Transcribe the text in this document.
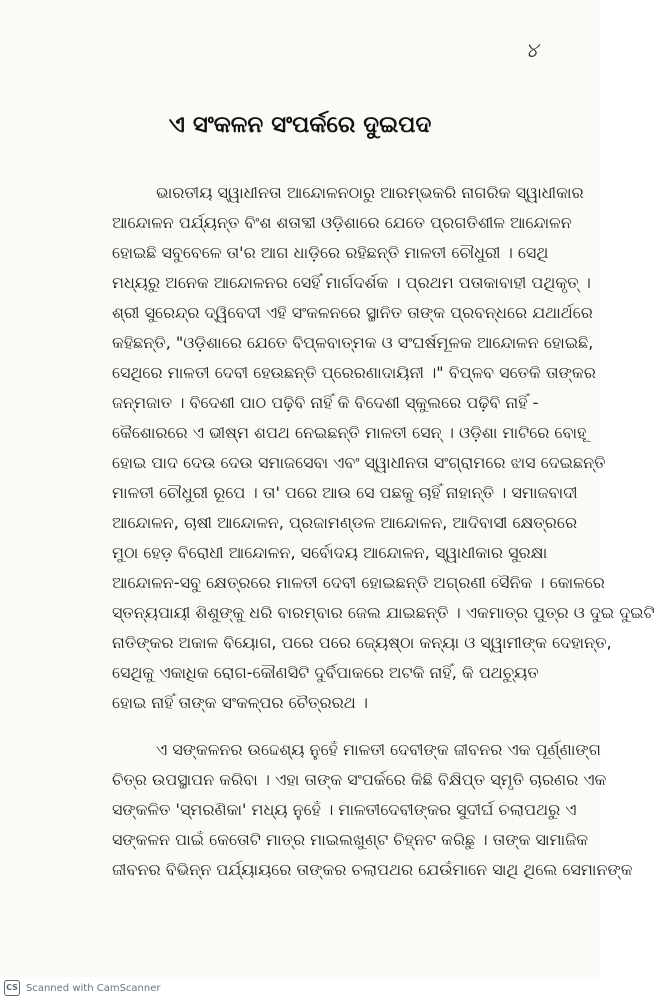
୪
ଏ ସଂକଳନ ସଂପର୍କରେ ଦୁଇପଦ
ଭାରତୀୟ ସ୍ୱାଧୀନତା ଆନ୍ଦୋଳନଠାରୁ ଆରମ୍ଭକରି ନାଗରିକ ସ୍ୱାଧୀକାର
ଆନ୍ଦୋଳନ ପର୍ଯ୍ୟନ୍ତ ବିଂଶ ଶତାବ୍ଦୀ ଓଡ଼ିଶାରେ ଯେତେ ପ୍ରଗତିଶୀଳ ଆନ୍ଦୋଳନ
ହୋଇଛି ସବୁବେଳେ ତା'ର ଆଗ ଧାଡ଼ିରେ ରହିଛନ୍ତି ମାଳତୀ ଚୌଧୁରୀ । ସେଥି
ମଧ୍ୟରୁ ଅନେକ ଆନ୍ଦୋଳନର ସେହିଁ ମାର୍ଗଦର୍ଶକ । ପ୍ରଥମ ପତାକାବାହୀ ପଥିକୃତ୍ ।
ଶ୍ରୀ ସୁରେନ୍ଦ୍ର ଦ୍ୱିବେଦୀ ଏହି ସଂକଳନରେ ସ୍ଥାନିତ ତାଙ୍କ ପ୍ରବନ୍ଧରେ ଯଥାର୍ଥରେ
କହିଛନ୍ତି, "ଓଡ଼ିଶାରେ ଯେତେ ବିପ୍ଳବାତ୍ମକ ଓ ସଂଘର୍ଷମୂଳକ ଆନ୍ଦୋଳନ ହୋଇଛି,
ସେଥିରେ ମାଳତୀ ଦେବୀ ହେଉଛନ୍ତି ପ୍ରେରଣାଦାୟିନୀ ।" ବିପ୍ଳବ ସତେକି ତାଙ୍କର
ଜନ୍ମଜାତ । ବିଦେଶୀ ପାଠ ପଢ଼ିବି ନାହିଁ କି ବିଦେଶୀ ସ୍କୁଲରେ ପଢ଼ିବି ନାହିଁ -
କୈଶୋରରେ ଏ ଭୀଷ୍ମ ଶପଥ ନେଇଛନ୍ତି ମାଳତୀ ସେନ୍ । ଓଡ଼ିଶା ମାଟିରେ ବୋହୂ
ହୋଇ ପାଦ ଦେଉ ଦେଉ ସମାଜସେବା ଏବଂ ସ୍ୱାଧୀନତା ସଂଗ୍ରାମରେ ଝାସ ଦେଇଛନ୍ତି
ମାଳତୀ ଚୌଧୁରୀ ରୂପେ । ତା' ପରେ ଆଉ ସେ ପଛକୁ ଚାହିଁ ନାହାନ୍ତି । ସମାଜବାଦୀ
ଆନ୍ଦୋଳନ, ଚାଷୀ ଆନ୍ଦୋଳନ, ପ୍ରଜାମଣ୍ଡଳ ଆନ୍ଦୋଳନ, ଆଦିବାସୀ କ୍ଷେତ୍ରରେ
ମୁଠା ହେଡ଼ ବିରୋଧୀ ଆନ୍ଦୋଳନ, ସର୍ବୋଦୟ ଆନ୍ଦୋଳନ, ସ୍ୱାଧୀକାର ସୁରକ୍ଷା
ଆନ୍ଦୋଳନ-ସବୁ କ୍ଷେତ୍ରରେ ମାଳତୀ ଦେବୀ ହୋଇଛନ୍ତି ଅଗ୍ରଣୀ ସୈନିକ । କୋଳରେ
ସ୍ତନ୍ୟପାୟୀ ଶିଶୁଙ୍କୁ ଧରି ବାରମ୍ବାର ଜେଲ ଯାଇଛନ୍ତି । ଏକମାତ୍ର ପୁତ୍ର ଓ ଦୁଇ ଦୁଇଟି
ନାତିଙ୍କର ଅକାଳ ବିୟୋଗ, ପରେ ପରେ ଜ୍ୟେଷ୍ଠା କନ୍ୟା ଓ ସ୍ୱାମୀଙ୍କ ଦେହାନ୍ତ,
ସେଥିକୁ ଏକାଧିକ ରୋଗ-କୌଣସିଟି ଦୁର୍ବିପାକରେ ଅଟକି ନାହିଁ, କି ପଥଚ୍ୟୁତ
ହୋଇ ନାହିଁ ତାଙ୍କ ସଂକଳ୍ପର ଚୈତ୍ରରଥ ।
ଏ ସଙ୍କଳନର ଉଦ୍ଦେଶ୍ୟ ନୁହେଁ ମାଳତୀ ଦେବୀଙ୍କ ଜୀବନର ଏକ ପୂର୍ଣ୍ଣାଙ୍ଗ
ଚିତ୍ର ଉପସ୍ଥାପନ କରିବା । ଏହା ତାଙ୍କ ସଂପର୍କରେ କିଛି ବିକ୍ଷିପ୍ତ ସ୍ମୃତି ଚାରଣର ଏକ
ସଙ୍କଳିତ 'ସ୍ମରଣିକା' ମଧ୍ୟ ନୁହେଁ । ମାଳତୀଦେବୀଙ୍କର ସୁଦୀର୍ଘ ଚଲାପଥରୁ ଏ
ସଙ୍କଳନ ପାଇଁ କେତୋଟି ମାତ୍ର ମାଇଲଖୁଣ୍ଟ ଚିହ୍ନଟ କରିଛୁ । ତାଙ୍କ ସାମାଜିକ
ଜୀବନର ବିଭିନ୍ନ ପର୍ଯ୍ୟାୟରେ ତାଙ୍କର ଚଲାପଥର ଯେଉଁମାନେ ସାଥି ଥିଲେ ସେମାନଙ୍କ
CS Scanned with CamScanner
